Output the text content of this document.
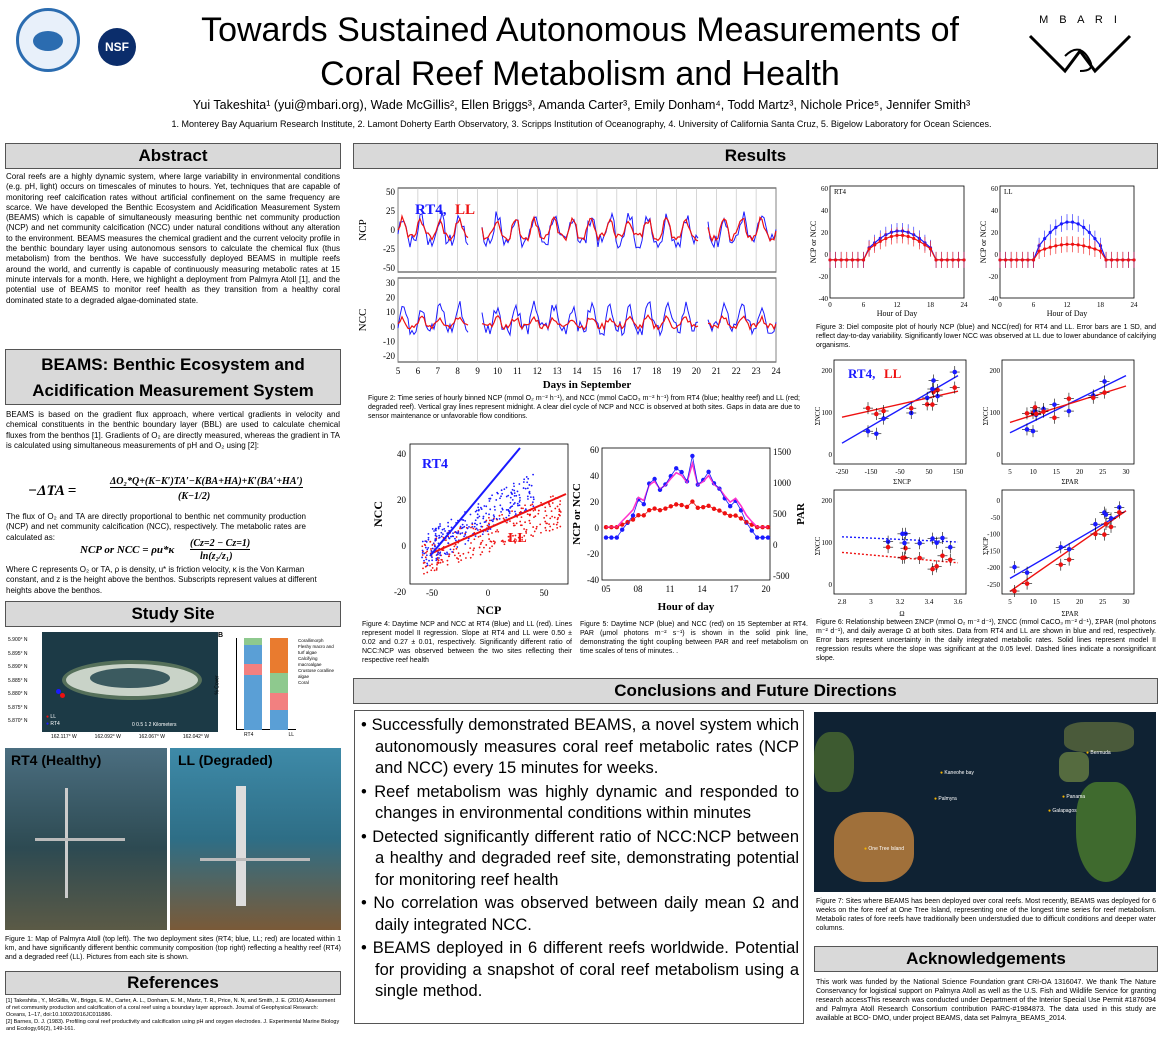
NSF	Towards Sustained Autonomous Measurements of
Coral Reef Metabolism and Health
M B A R I
Yui Takeshita¹ (yui@mbari.org), Wade McGillis², Ellen Briggs³, Amanda Carter³, Emily Donham⁴, Todd Martz³, Nichole Price⁵, Jennifer Smith³
1. Monterey Bay Aquarium Research Institute, 2. Lamont Doherty Earth Observatory, 3. Scripps Institution of Oceanography, 4. University of California Santa Cruz, 5. Bigelow Laboratory for Ocean Sciences.
Abstract
Coral reefs are a highly dynamic system, where large variability in environmental conditions (e.g. pH, light) occurs on timescales of minutes to hours. Yet, techniques that are capable of monitoring reef calcification rates without artificial confinement on the same frequency are scarce. We have developed the Benthic Ecosystem and Acidification Measurement System (BEAMS) which is capable of simultaneously measuring benthic net community production (NCP) and net community calcification (NCC) under natural conditions without any alteration to the environment. BEAMS measures the chemical gradient and the current velocity profile in the benthic boundary layer using autonomous sensors to calculate the chemical flux (thus metabolism) from the benthos. We have successfully deployed BEAMS in multiple reefs around the world, and currently is capable of continuously measuring metabolic rates at 15 minute intervals for a month. Here, we highlight a deployment from Palmyra Atoll [1], and the potential use of BEAMS to monitor reef health as they transition from a healthy coral dominated state to a degraded algae-dominated state.
BEAMS: Benthic Ecosystem and Acidification Measurement System
BEAMS is based on the gradient flux approach, where vertical gradients in velocity and chemical constituents in the benthic boundary layer (BBL) are used to calculate chemical fluxes from the benthos [1]. Gradients of O₂ are directly measured, whereas the gradient in TA is calculated using simultaneous measurements of pH and O₂ using [2]:
−ΔTA =
ΔO₂*Q+(K−K′)TA′−K(BA+HA)+K′(BA′+HA′)
(K−1/2)
The flux of O₂ and TA are directly proportional to benthic net community production (NCP) and net community calcification (NCC), respectively. The metabolic rates are calculated as:
NCP or NCC = ρu*κ
(Cz=2 − Cz=1)
ln(z₂/z₁)
Where C represents O₂ or TA, ρ is density, u* is friction velocity, κ is the Von Karman constant, and z is the height above the benthos. Subscripts represent values at different heights above the benthos.
Study Site
5.900° N
5.895° N
5.890° N
5.885° N
5.880° N
5.875° N
5.870° N
● LL
● RT4	0 0.5 1 2 Kilometers
162.117° W	162.092° W	162.067° W	162.042° W
B
% Cover
RT4	LL
Corallimorph
Fleshy macro and turf algae
Calcifying macroalgae
Crustose coralline algae
Coral
RT4 (Healthy)	LL (Degraded)
Figure 1: Map of Palmyra Atoll (top left). The two deployment sites (RT4; blue, LL; red) are located within 1 km, and have significantly different benthic community composition (top right) reflecting a healthy reef (RT4) and a degraded reef (LL). Pictures from each site is shown.
References
[1] Takeshita , Y., McGillis, W., Briggs, E. M., Carter, A. L., Donham, E. M., Martz, T. R., Price, N. N, and Smith, J. E. (2016) Assessment of net community production and calcification of a coral reef using a boundary layer approach. Journal of Geophysical Research: Oceans, 1–17, doi:10.1002/2016JC011886.
[2] Barnes, D. J. (1983). Profiling coral reef productivity and calcification using pH and oxygen electrodes. J. Experimental Marine Biology and Ecology,66(2), 149-161.
Results
RT4, LL
NCP
NCC
50
25
0
-25
-50
30
20
10
0
-10
-20
5 6 7 8 9 10 11 12 13 14 15 16 17 18 19 20 21 22 23 24
Days in September
Figure 2: Time series of hourly binned NCP (mmol O₂ m⁻² h⁻¹), and NCC (mmol CaCO₃ m⁻² h⁻¹) from RT4 (blue; healthy reef) and LL (red; degraded reef). Vertical gray lines represent midnight. A clear diel cycle of NCP and NCC is observed at both sites. Gaps in data are due to sensor maintenance or unfavorable flow conditions.
60
40
20
0
-20
-40
0	6	12	18	24
60
40
20
0
-20
-40
0	6	12	18	24
RT4	LL
Hour of Day	Hour of Day
NCP or NCC	NCP or NCC
Figure 3: Diel composite plot of hourly NCP (blue) and NCC(red) for RT4 and LL. Error bars are 1 SD, and reflect day-to-day variability. Significantly lower NCC was observed at LL due to lower abundance of calcifying organisms.
40
20
0
-20 -50	0	50
RT4
LL
NCC
NCP
Figure 4: Daytime NCP and NCC at RT4 (Blue) and LL (red). Lines represent model II regression. Slope at RT4 and LL were 0.50 ± 0.02 and 0.27 ± 0.01, respectively. Significantly different ratio of NCC:NCP was observed between the two sites reflecting their respective reef health
60
40
20
0
-20
-40
1500
1000
500
0
-500
05	08	11	14	17	20
NCP or NCC	PAR
Hour of day
Figure 5: Daytime NCP (blue) and NCC (red) on 15 September at RT4. PAR (μmol photons m⁻² s⁻¹) is shown in the solid pink line, demonstrating the tight coupling between PAR and reef metabolism on time scales of tens of minutes. .
200
100
0
-250 -150	-50	50	150
200
100
0
5	10 15 20 25 30
200
100
0
2.8	3	3.2	3.4	3.6
0
-50
-100
-150
-200
-250
5	10 15 20 25 30
RT4, LL
ΣNCC	ΣNCC
ΣNCC	ΣNCP
ΣNCP	ΣPAR
Ω	ΣPAR
Figure 6: Relationship between ΣNCP (mmol O₂ m⁻² d⁻¹), ΣNCC (mmol CaCO₃ m⁻² d⁻¹), ΣPAR (mol photons m⁻² d⁻¹), and daily average Ω at both sites. Data from RT4 and LL are shown in blue and red, respectively. Error bars represent uncertainty in the daily integrated metabolic rates. Solid lines represent model II regression results where the slope was significant at the 0.05 level. Dashed lines indicate a nonsignificant slope.
Conclusions and Future Directions
• Successfully demonstrated BEAMS, a novel system which autonomously measures coral reef metabolic rates (NCP and NCC) every 15 minutes for weeks.
• Reef metabolism was highly dynamic and responded to changes in environmental conditions within minutes
• Detected significantly different ratio of NCC:NCP between a healthy and degraded reef site, demonstrating potential for monitoring reef health
• No correlation was observed between daily mean Ω and daily integrated NCC.
• BEAMS deployed in 6 different reefs worldwide. Potential for providing a snapshot of coral reef metabolism using a single method.
● Kaneohe bay
● Palmyra
● Bermuda
● Panama
● Galapagos
● One Tree Island
Figure 7: Sites where BEAMS has been deployed over coral reefs. Most recently, BEAMS was deployed for 6 weeks on the fore reef at One Tree Island, representing one of the longest time series for reef metabolism. Metabolic rates of fore reefs have traditionally been understudied due to difficult conditions and deeper water columns.
Acknowledgements
This work was funded by the National Science Foundation grant CRI-OA 1316047. We thank The Nature Conservancy for logistical support on Palmyra Atoll as well as the U.S. Fish and Wildlife Service for granting research accessThis research was conducted under Department of the Interior Special Use Permit #1876094 and Palmyra Atoll Research Consortium contribution PARC-#1984873. The data used in this study are available at BCO- DMO, under project BEAMS, data set Palmyra_BEAMS_2014.
